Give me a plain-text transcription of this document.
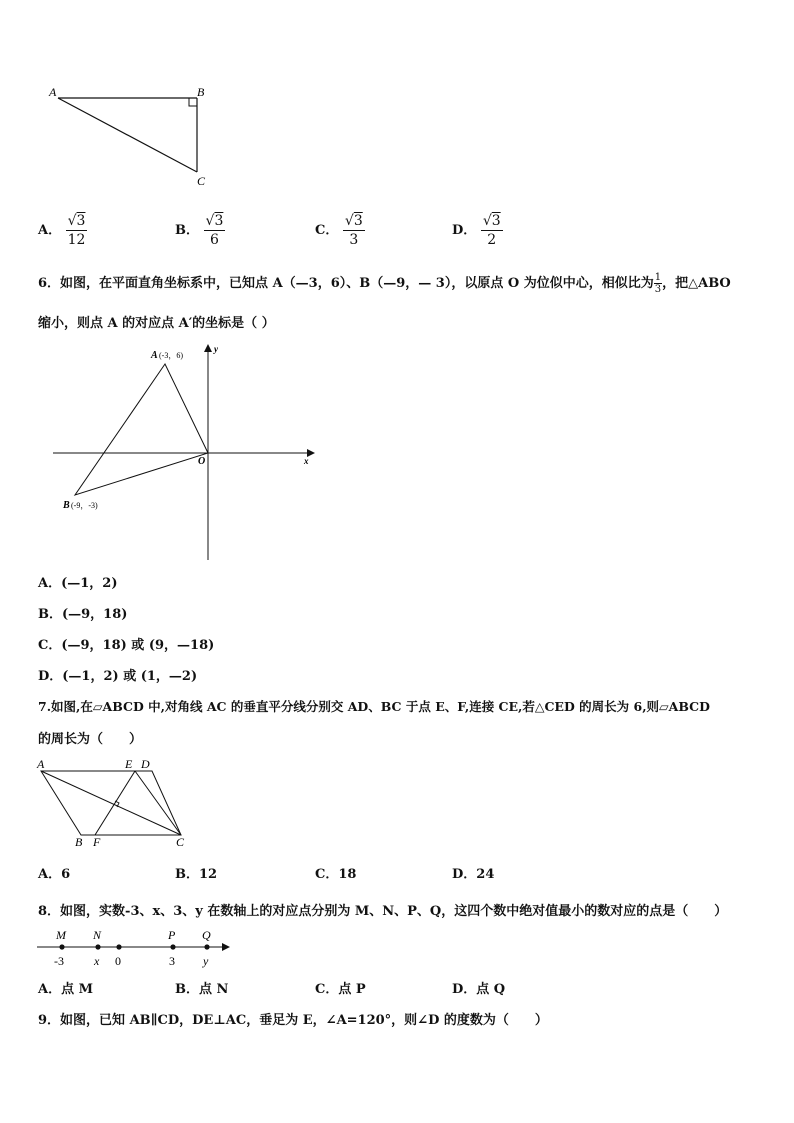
A	B
C
A． $\frac{√3}{12}$	B． $\frac{√3}{6}$	C． $\frac{√3}{3}$	D． $\frac{√3}{2}$
6．如图，在平面直角坐标系中，已知点 A（—3，6）、B（—9，— 3），以原点 O 为位似中心，相似比为 $\frac{1}{3}$ ，把△ABO
缩小，则点 A 的对应点 A′的坐标是（ ）
A (-3，6)
B (-9，-3)
O	x
y
A．(—1，2)
B．(—9，18)
C．(—9，18) 或 (9，—18)
D．(—1，2) 或 (1，—2)
7.如图,在▱ABCD 中,对角线 AC 的垂直平分线分别交 AD、BC 于点 E、F,连接 CE,若△CED 的周长为 6,则▱ABCD
的周长为（　　）
A	E D
B F	C
A．6	B．12	C．18	D．24
8．如图，实数-3、x、3、y 在数轴上的对应点分别为 M、N、P、Q，这四个数中绝对值最小的数对应的点是（　　）
M N	P Q
-3	x 0	3 y
A．点 M	B．点 N	C．点 P	D．点 Q
9．如图，已知 AB∥CD，DE⊥AC，垂足为 E，∠A=120°，则∠D 的度数为（　　）
